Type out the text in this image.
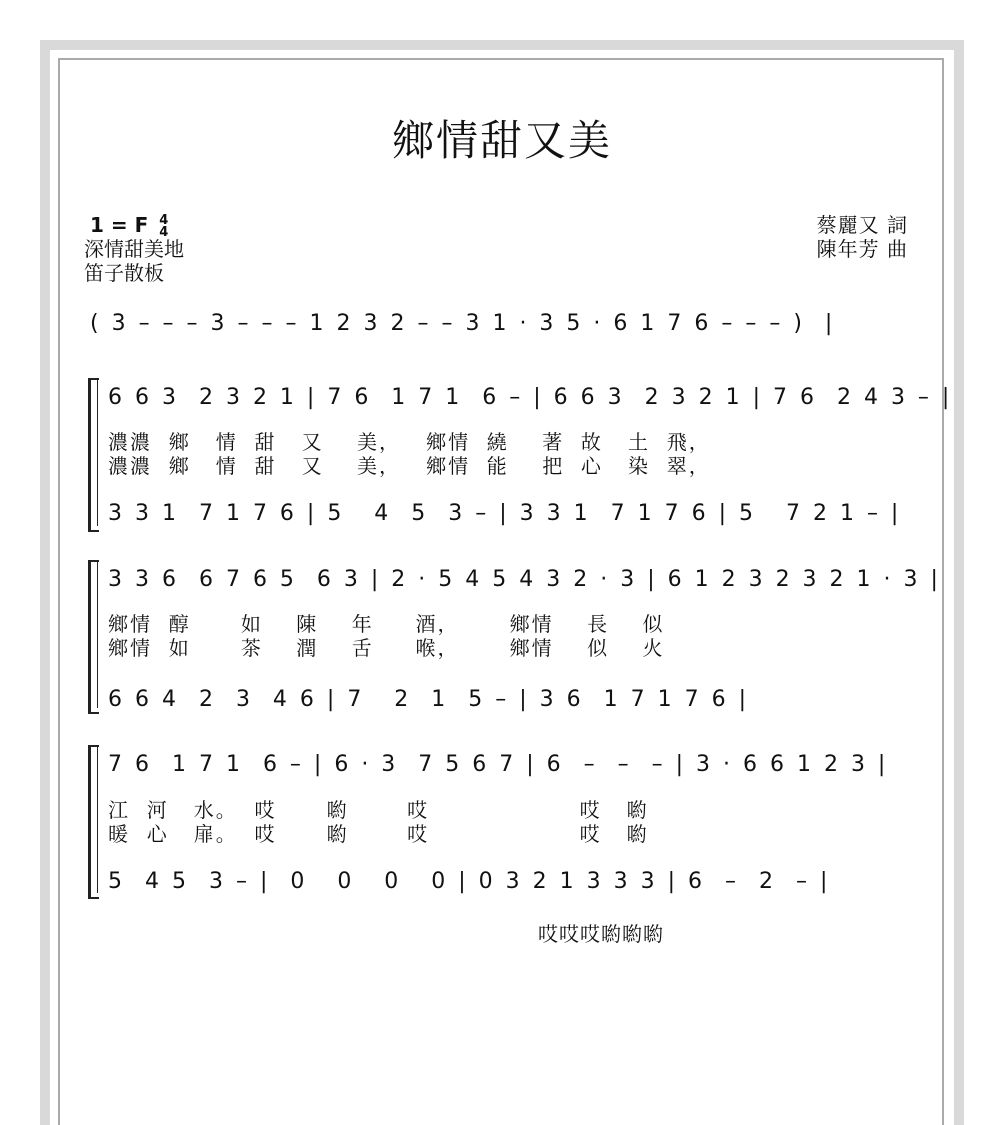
鄉情甜又美
1 = F 4
4
深情甜美地
笛子散板
蔡麗又 詞
陳年芳 曲
( 3 – – – 3 – – – 1 2 3 2 – – 3 1 · 3 5 · 6 1 7 6 – – – )  |
6 6 3  2 3 2 1 | 7 6  1 7 1  6 – | 6 6 3  2 3 2 1 | 7 6  2 4 3 – |
濃濃  鄉   情  甜   又    美，   鄉情  繞    著  故   土  飛，
濃濃  鄉   情  甜   又    美，   鄉情  能    把  心   染  翠，
3 3 1  7 1 7 6 | 5   4  5  3 – | 3 3 1  7 1 7 6 | 5   7 2 1 – |
3 3 6  6 7 6 5  6 3 | 2 · 5 4 5 4 3 2 · 3 | 6 1 2 3 2 3 2 1 · 3 |
鄉情  醇      如    陳    年     酒，      鄉情    長    似
鄉情  如      茶    潤    舌     喉，      鄉情    似    火
6 6 4  2  3  4 6 | 7   2  1  5 – | 3 6  1 7 1 7 6 |
7 6  1 7 1  6 – | 6 · 3  7 5 6 7 | 6  –  –  – | 3 · 6 6 1 2 3 |
江  河   水。  哎      喲       哎                  哎   喲
暖  心   扉。  哎      喲       哎                  哎   喲
5  4 5  3 – |  0   0   0   0 | 0 3 2 1 3 3 3 | 6  –  2  – |
哎哎哎喲喲喲
